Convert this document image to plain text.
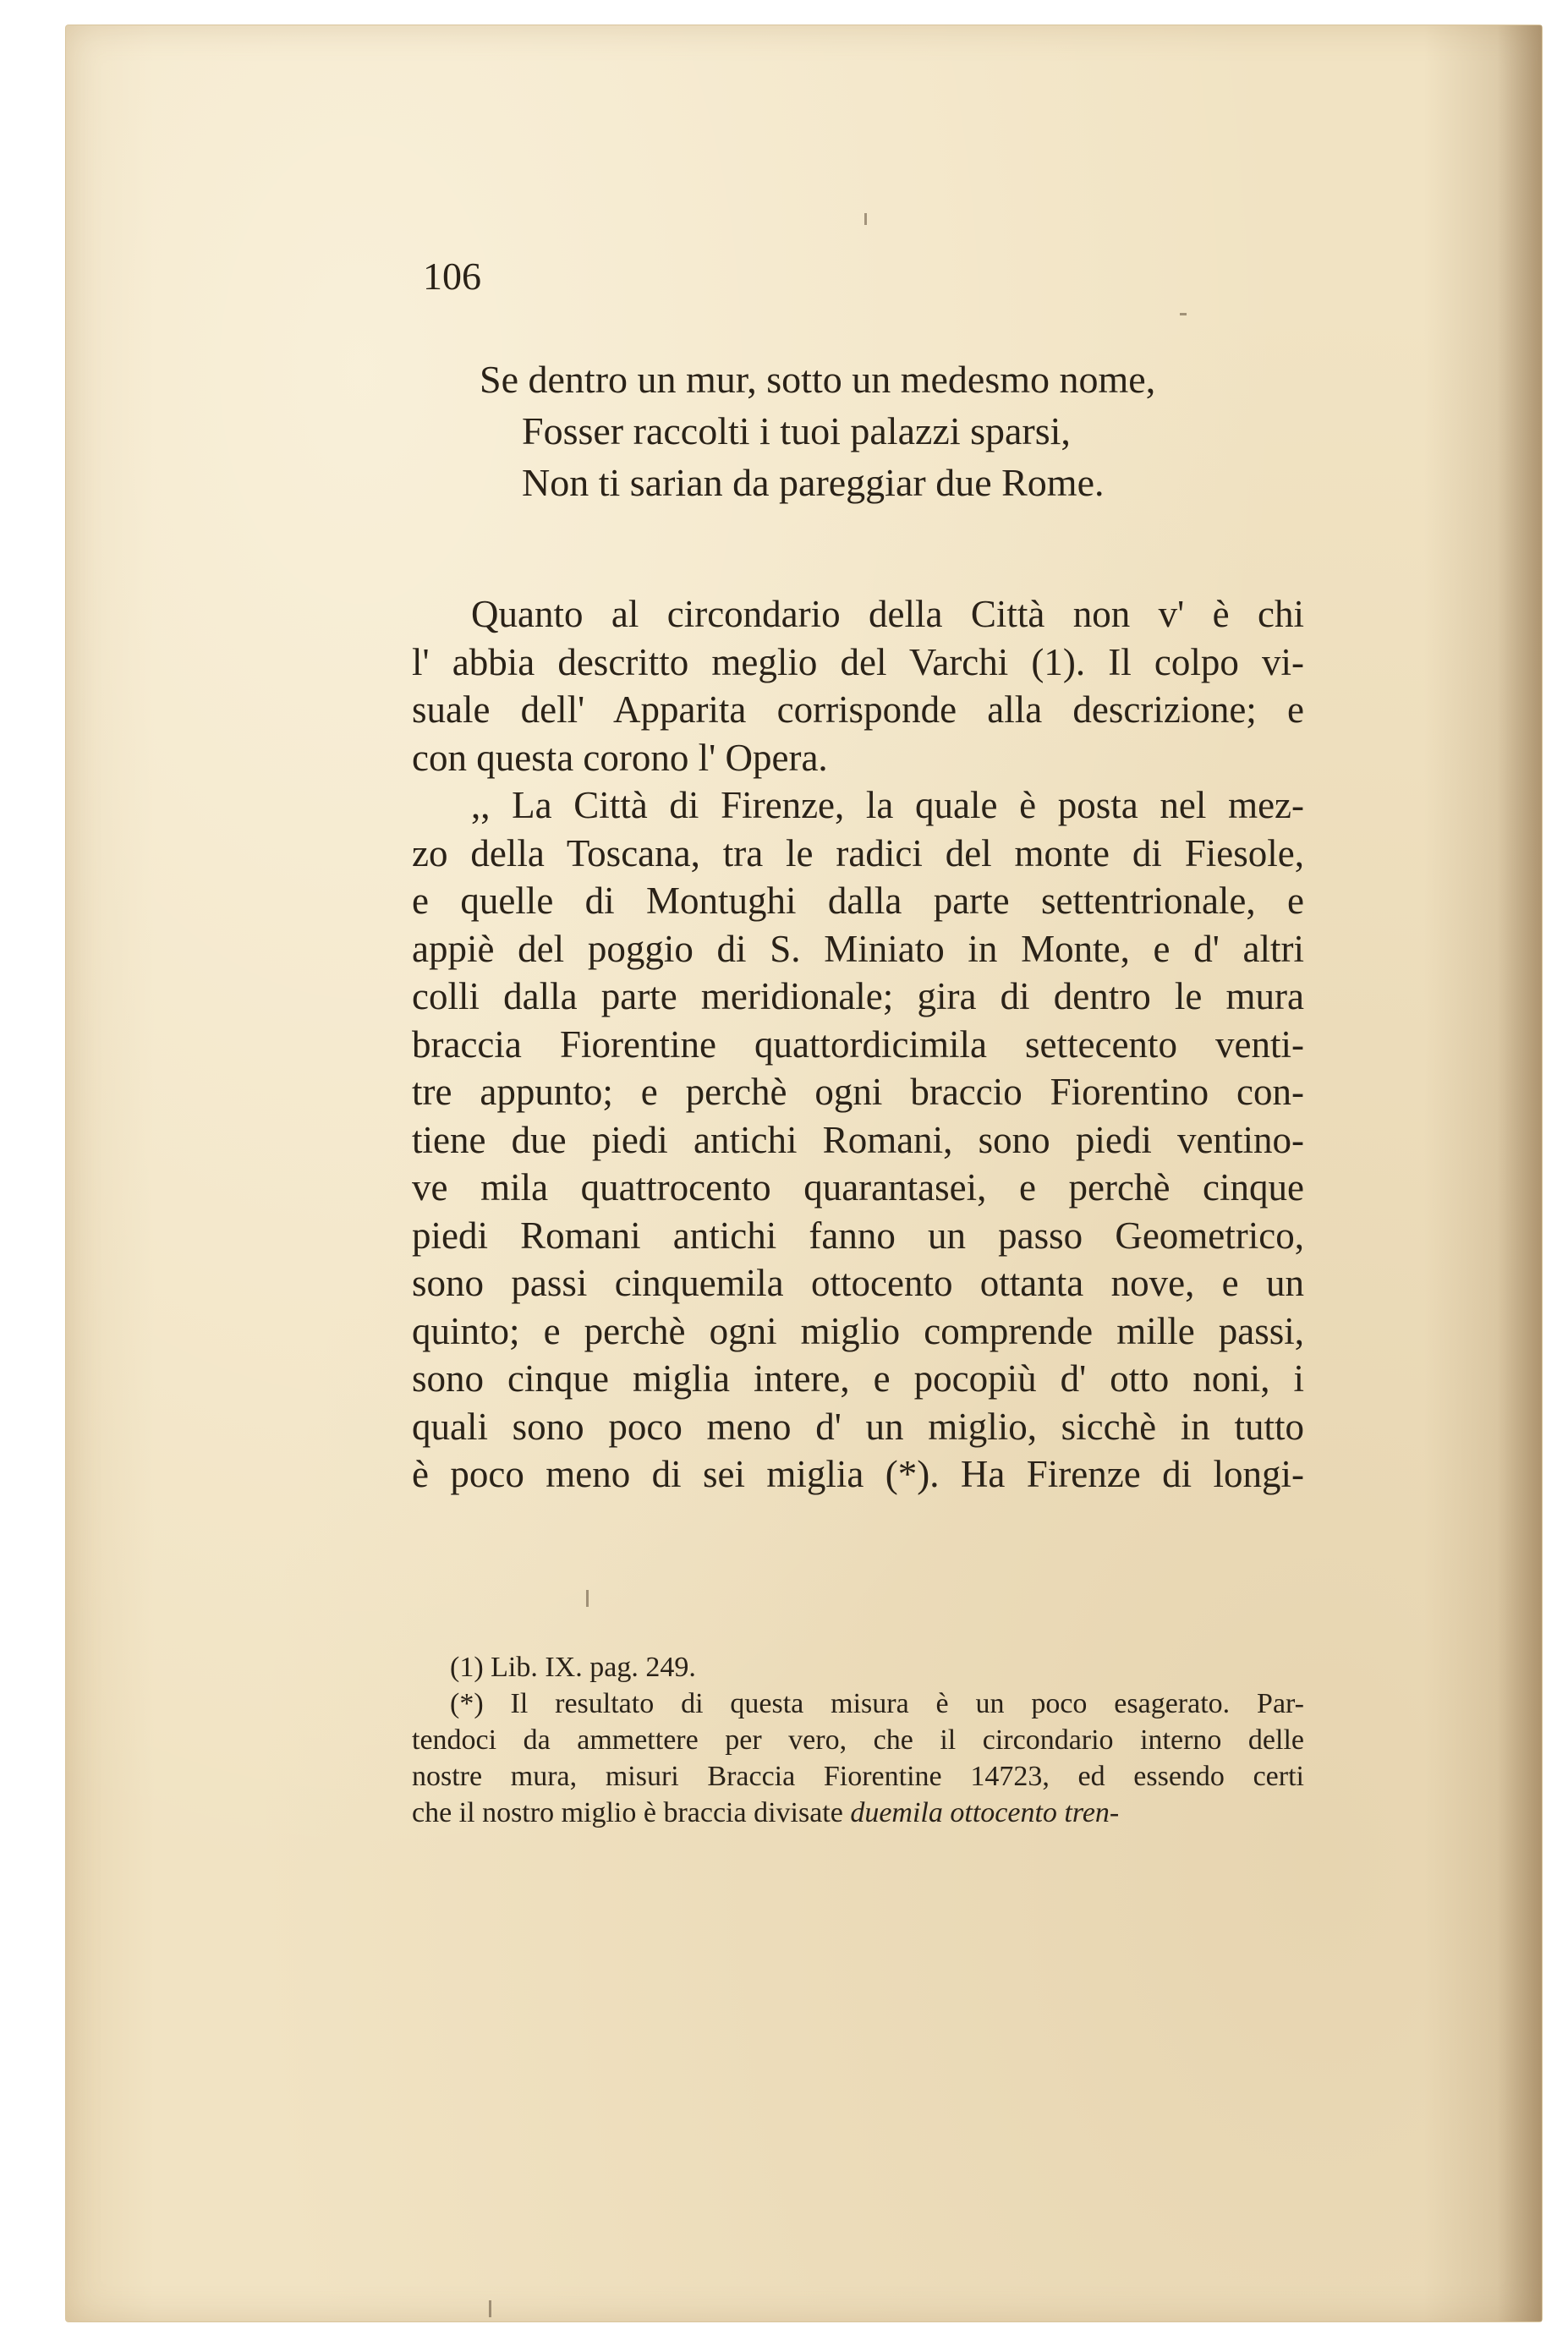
106
Se dentro un mur, sotto un medesmo nome,
Fosser raccolti i tuoi palazzi sparsi,
Non ti sarian da pareggiar due Rome.
Quanto al circondario della Città non v' è chi
l' abbia descritto meglio del Varchi (1). Il colpo vi-
suale dell' Apparita corrisponde alla descrizione; e
con questa corono l' Opera.
,, La Città di Firenze, la quale è posta nel mez-
zo della Toscana, tra le radici del monte di Fiesole,
e quelle di Montughi dalla parte settentrionale, e
appiè del poggio di S. Miniato in Monte, e d' altri
colli dalla parte meridionale; gira di dentro le mura
braccia Fiorentine quattordicimila settecento venti-
tre appunto; e perchè ogni braccio Fiorentino con-
tiene due piedi antichi Romani, sono piedi ventino-
ve mila quattrocento quarantasei, e perchè cinque
piedi Romani antichi fanno un passo Geometrico,
sono passi cinquemila ottocento ottanta nove, e un
quinto; e perchè ogni miglio comprende mille passi,
sono cinque miglia intere, e pocopiù d' otto noni, i
quali sono poco meno d' un miglio, sicchè in tutto
è poco meno di sei miglia (*). Ha Firenze di longi-
(1) Lib. IX. pag. 249.
(*) Il resultato di questa misura è un poco esagerato. Par-
tendoci da ammettere per vero, che il circondario interno delle
nostre mura, misuri Braccia Fiorentine 14723, ed essendo certi
che il nostro miglio è braccia divisate duemila ottocento tren-
